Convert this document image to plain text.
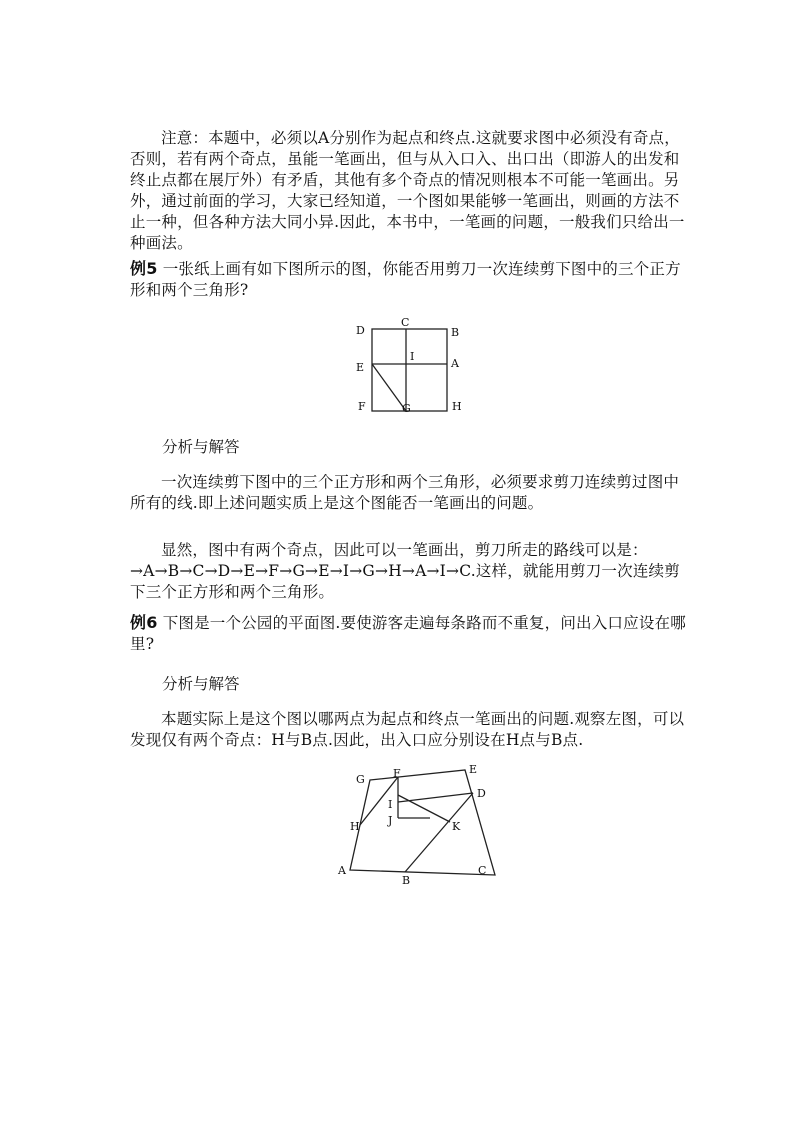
注意：本题中，必须以A分别作为起点和终点.这就要求图中必须没有奇点，否则，若有两个奇点，虽能一笔画出，但与从入口入、出口出（即游人的出发和终止点都在展厅外）有矛盾，其他有多个奇点的情况则根本不可能一笔画出。另外，通过前面的学习，大家已经知道，一个图如果能够一笔画出，则画的方法不止一种，但各种方法大同小异.因此，本书中，一笔画的问题，一般我们只给出一种画法。

例5 一张纸上画有如下图所示的图，你能否用剪刀一次连续剪下图中的三个正方形和两个三角形?

D
C
B
E
I
A
F	G	H

分析与解答

一次连续剪下图中的三个正方形和两个三角形，必须要求剪刀连续剪过图中所有的线.即上述问题实质上是这个图能否一笔画出的问题。

显然，图中有两个奇点，因此可以一笔画出，剪刀所走的路线可以是：→A→B→C→D→E→F→G→E→I→G→H→A→I→C.这样，就能用剪刀一次连续剪下三个正方形和两个三角形。

例6 下图是一个公园的平面图.要使游客走遍每条路而不重复，问出入口应设在哪里?

分析与解答

本题实际上是这个图以哪两点为起点和终点一笔画出的问题.观察左图，可以发现仅有两个奇点：H与B点.因此，出入口应分别设在H点与B点.

G	F	E
D
I
J	K
H
A
B
C
